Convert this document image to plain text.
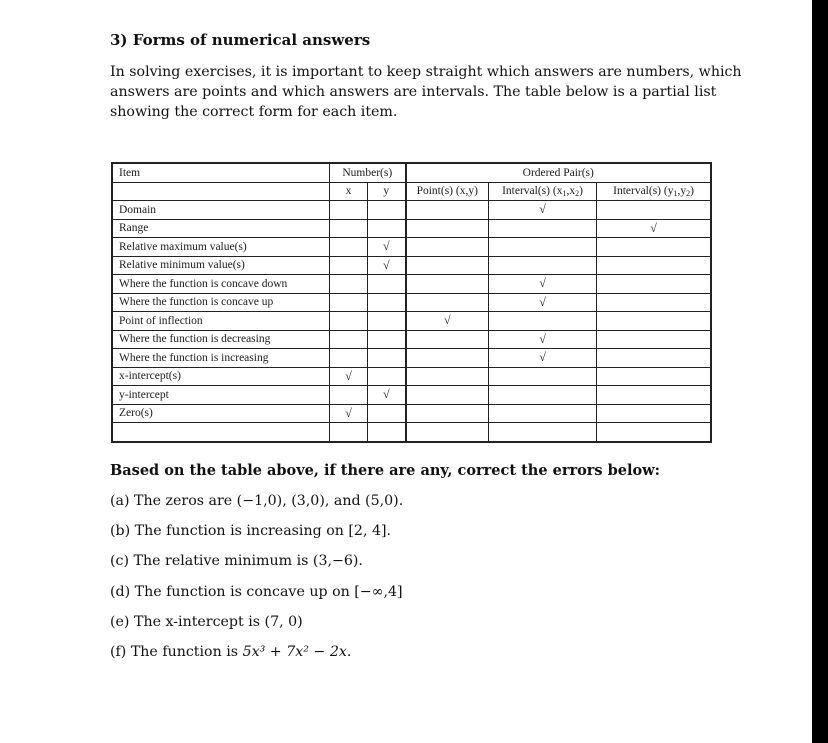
3) Forms of numerical answers

In solving exercises, it is important to keep straight which answers are numbers, which
answers are points and which answers are intervals. The table below is a partial list
showing the correct form for each item.

Item	Number(s)		Ordered Pair(s)		
	x	y	Point(s) (x,y)	Interval(s) $(x_1,x_2)$	Interval(s) $(y_1,y_2)$
Domain				√	
Range					√
Relative maximum value(s)		√			
Relative minimum value(s)		√			
Where the function is concave down				√	
Where the function is concave up				√	
Point of inflection			√		
Where the function is decreasing				√	
Where the function is increasing				√	
x-intercept(s)	√				
y-intercept		√			
Zero(s)	√				

Based on the table above, if there are any, correct the errors below:

(a) The zeros are (−1,0), (3,0), and (5,0).
(b) The function is increasing on [2, 4].
(c) The relative minimum is (3,−6).
(d) The function is concave up on [−∞,4]
(e) The x-intercept is (7, 0)
(f) The function is 5x³ + 7x² − 2x.
